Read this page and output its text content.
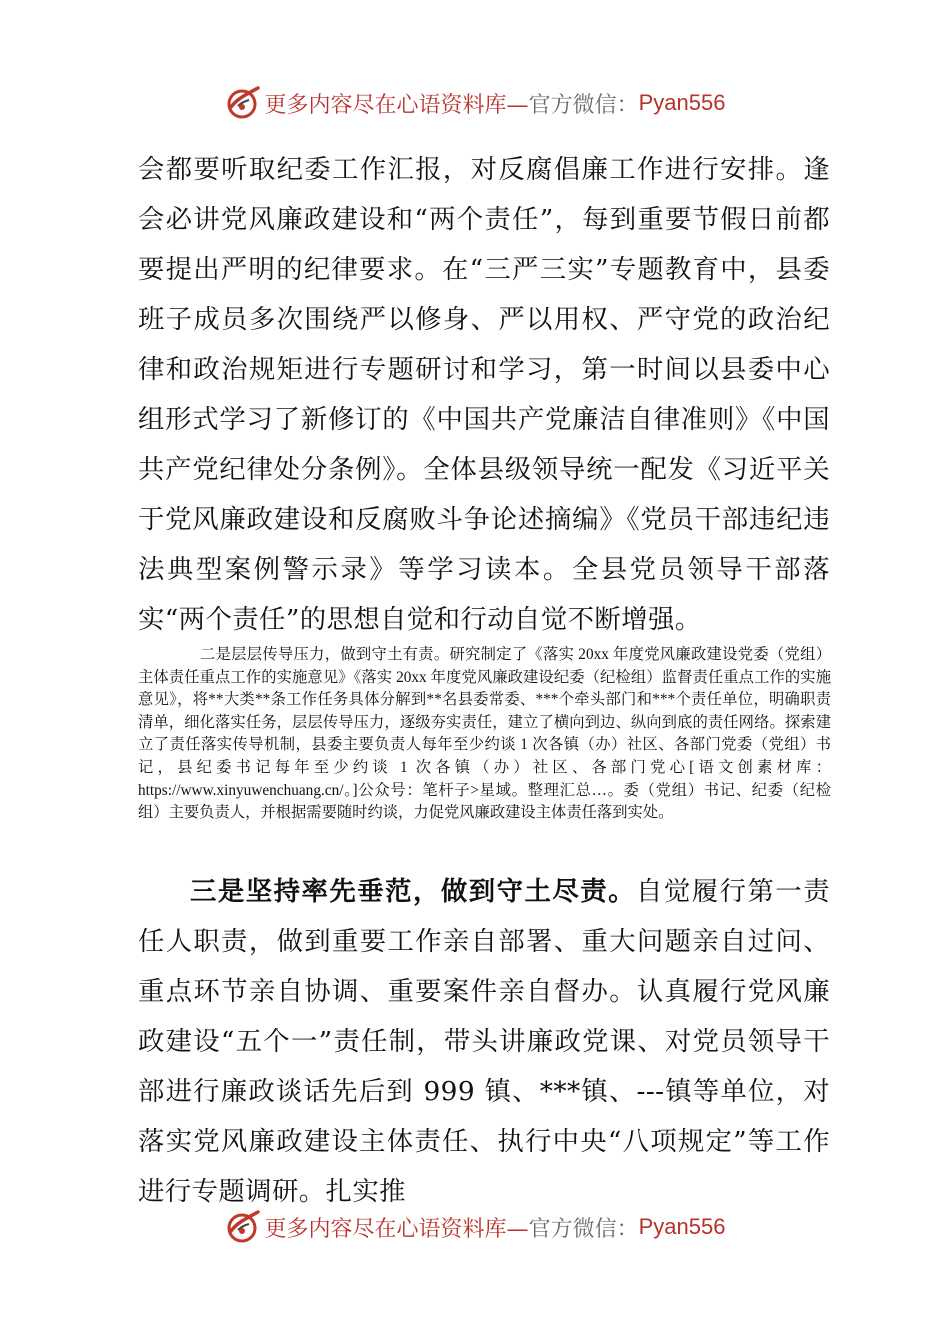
更多内容尽在心语资料库— 官方微信： Pyan556
会都要听取纪委工作汇报，对反腐倡廉工作进行安排。逢会必讲党风廉政建设和“两个责任”，每到重要节假日前都要提出严明的纪律要求。在“三严三实”专题教育中，县委班子成员多次围绕严以修身、严以用权、严守党的政治纪律和政治规矩进行专题研讨和学习，第一时间以县委中心组形式学习了新修订的《中国共产党廉洁自律准则》《中国共产党纪律处分条例》。全体县级领导统一配发《习近平关于党风廉政建设和反腐败斗争论述摘编》《党员干部违纪违法典型案例警示录》等学习读本。全县党员领导干部落实“两个责任”的思想自觉和行动自觉不断增强。
二是层层传导压力，做到守土有责。研究制定了《落实 20xx 年度党风廉政建设党委（党组）主体责任重点工作的实施意见》《落实 20xx 年度党风廉政建设纪委（纪检组）监督责任重点工作的实施意见》，将**大类**条工作任务具体分解到**名县委常委、***个牵头部门和***个责任单位，明确职责清单，细化落实任务，层层传导压力，逐级夯实责任，建立了横向到边、纵向到底的责任网络。探索建立了责任落实传导机制，县委主要负责人每年至少约谈 1 次各镇（办）社区、各部门党委（党组）书记，县纪委书记每年至少约谈 1 次各镇（办）社区、各部门党心[语文创素材库：https://www.xinyuwenchuang.cn/。]公众号：笔杆子>星域。整理汇总…。委（党组）书记、纪委（纪检组）主要负责人，并根据需要随时约谈，力促党风廉政建设主体责任落到实处。
三是坚持率先垂范，做到守土尽责。自觉履行第一责任人职责，做到重要工作亲自部署、重大问题亲自过问、重点环节亲自协调、重要案件亲自督办。认真履行党风廉政建设“五个一”责任制，带头讲廉政党课、对党员领导干部进行廉政谈话先后到 999 镇、***镇、---镇等单位，对落实党风廉政建设主体责任、执行中央“八项规定”等工作进行专题调研。扎实推
更多内容尽在心语资料库— 官方微信： Pyan556
